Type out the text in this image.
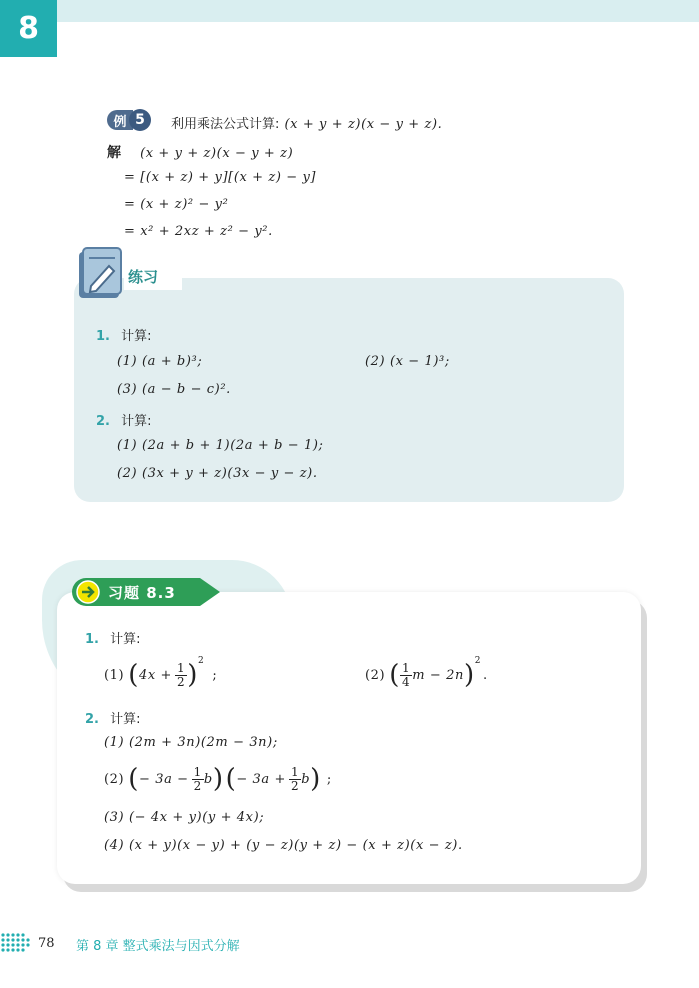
8
例 5	利用乘法公式计算: (x + y + z)(x − y + z).
解 (x + y + z)(x − y + z)
= [(x + z) + y][(x + z) − y]
= (x + z)² − y²
= x² + 2xz + z² − y².
练习
1. 计算:
(1) (a + b)³;	(2) (x − 1)³;
(3) (a − b − c)².
2. 计算:
(1) (2a + b + 1)(2a + b − 1);
(2) (3x + y + z)(3x − y − z).
习题 8.3
1. 计算:
(1) ( $4x + \frac{1}{2}$ ) 2
;	(2) ( $\frac{1}{4}$ m − 2n ) 2
.
2. 计算:
(1) (2m + 3n)(2m − 3n);
(2) ( − $3a - \frac{1}{2}$ b ) ( − $3a + \frac{1}{2}$ b ) ;
(3) (− 4x + y)(y + 4x);
(4) (x + y)(x − y) + (y − z)(y + z) − (x + z)(x − z).
78 第 8 章 整式乘法与因式分解
